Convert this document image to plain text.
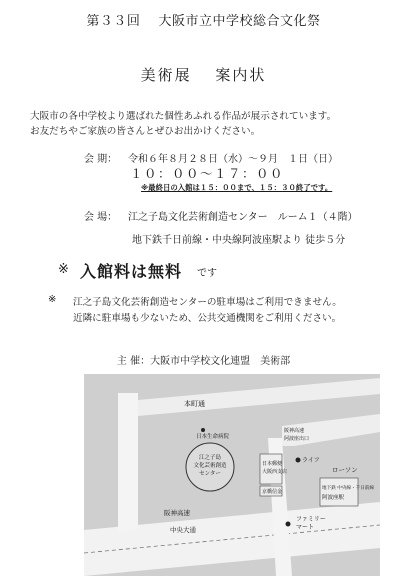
第３３回　 大阪市立中学校総合文化祭
美術展　 案内状
大阪市の各中学校より選ばれた個性あふれる作品が展示されています。
お友だちやご家族の皆さんとぜひお出かけください。
会 期： 令和６年８月２８日（水）～９月　１日（日）
１０：００～１７：００
※最終日の入館は１５：００まで、１５：３０終了です。
会 場： 江之子島文化芸術創造センター　ルーム１（４階）
地下鉄千日前線・中央線阿波座駅より 徒歩５分
※ 入館料は無料 です
※ 江之子島文化芸術創造センターの駐車場はご利用できません。
近隣に駐車場も少ないため、公共交通機関をご利用ください。
主 催：大阪市中学校文化連盟　美術部
本町通
日本生命病院
江之子島
文化芸術創造
センター
日本郵便
大阪西支店
京橋信金
阪神高速
阿波座出口
ライフ
ローソン
地下鉄 中央線・千日前線
阿波座駅
阪神高速
中央大通
ファミリー
マート
